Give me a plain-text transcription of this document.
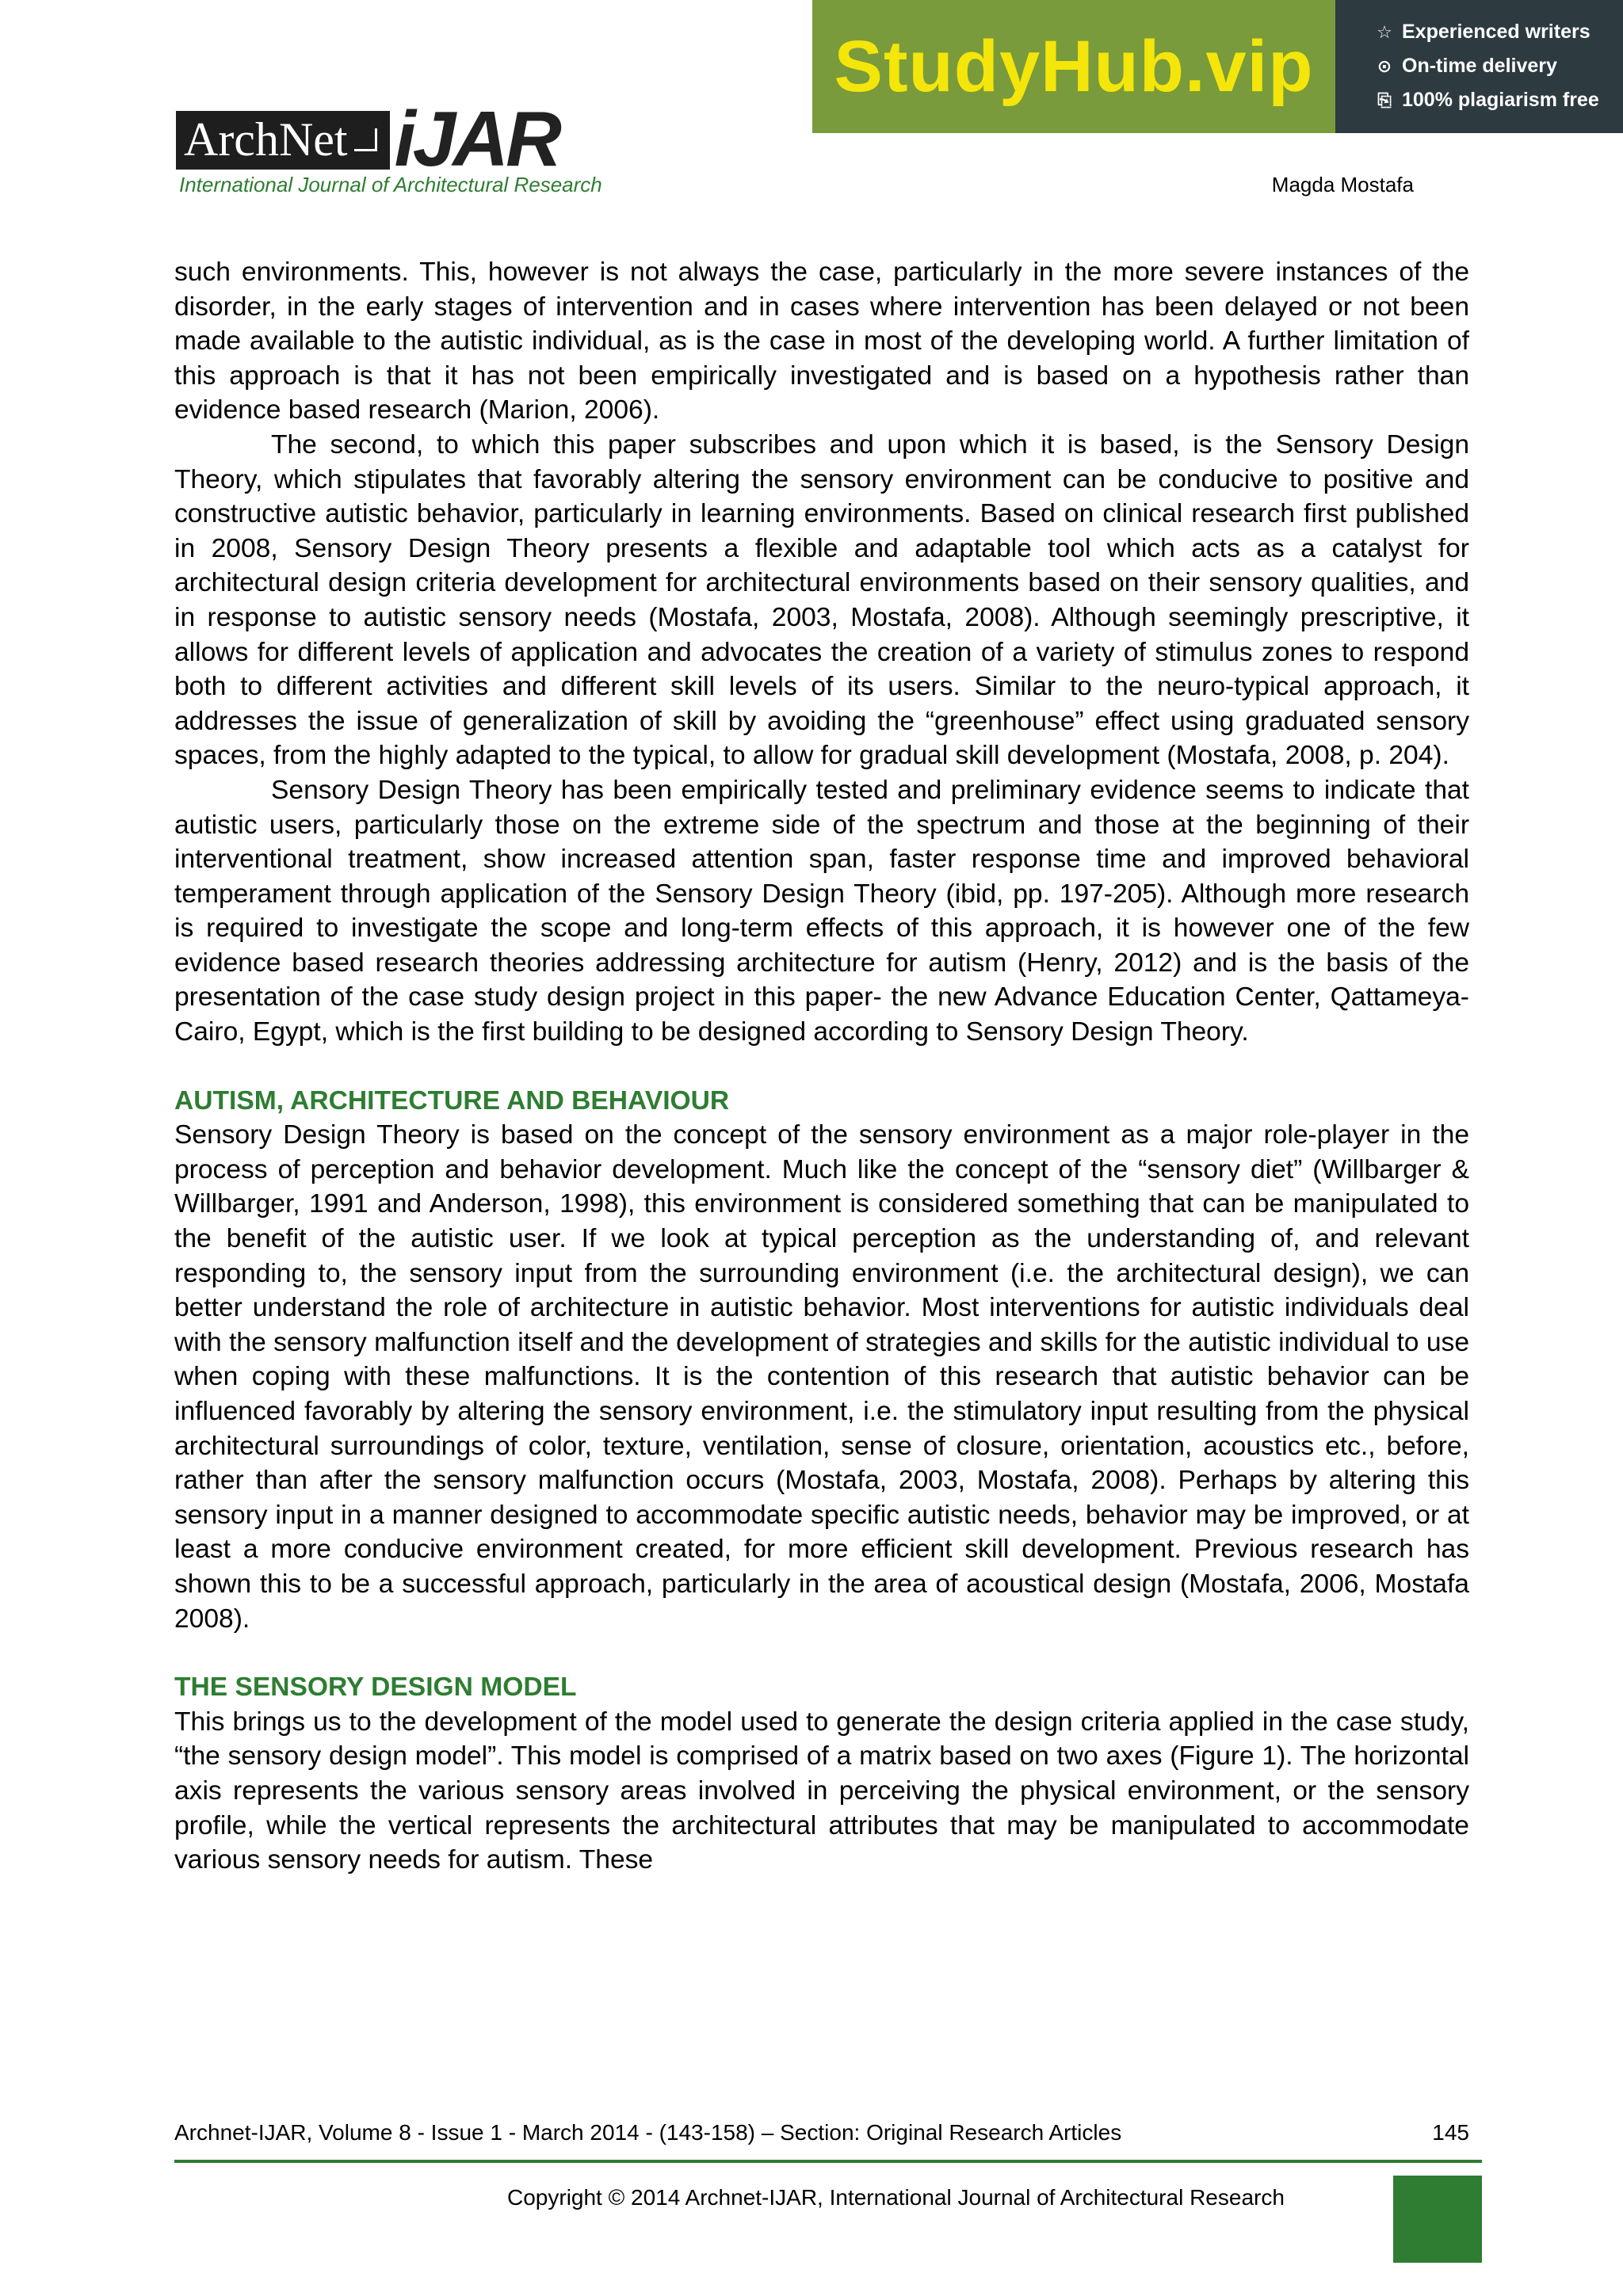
StudyHub.vip	☆ Experienced writers
⊙ On-time delivery
⎘ 100% plagiarism free
ArchNet iJAR
International Journal of Architectural Research	Magda Mostafa

such environments. This, however is not always the case, particularly in the more severe instances of the disorder, in the early stages of intervention and in cases where intervention has been delayed or not been made available to the autistic individual, as is the case in most of the developing world. A further limitation of this approach is that it has not been empirically investigated and is based on a hypothesis rather than evidence based research (Marion, 2006).

The second, to which this paper subscribes and upon which it is based, is the Sensory Design Theory, which stipulates that favorably altering the sensory environment can be conducive to positive and constructive autistic behavior, particularly in learning environments. Based on clinical research first published in 2008, Sensory Design Theory presents a flexible and adaptable tool which acts as a catalyst for architectural design criteria development for architectural environments based on their sensory qualities, and in response to autistic sensory needs (Mostafa, 2003, Mostafa, 2008). Although seemingly prescriptive, it allows for different levels of application and advocates the creation of a variety of stimulus zones to respond both to different activities and different skill levels of its users. Similar to the neuro-typical approach, it addresses the issue of generalization of skill by avoiding the “greenhouse” effect using graduated sensory spaces, from the highly adapted to the typical, to allow for gradual skill development (Mostafa, 2008, p. 204).

Sensory Design Theory has been empirically tested and preliminary evidence seems to indicate that autistic users, particularly those on the extreme side of the spectrum and those at the beginning of their interventional treatment, show increased attention span, faster response time and improved behavioral temperament through application of the Sensory Design Theory (ibid, pp. 197-205). Although more research is required to investigate the scope and long-term effects of this approach, it is however one of the few evidence based research theories addressing architecture for autism (Henry, 2012) and is the basis of the presentation of the case study design project in this paper- the new Advance Education Center, Qattameya-Cairo, Egypt, which is the first building to be designed according to Sensory Design Theory.

AUTISM, ARCHITECTURE AND BEHAVIOUR

Sensory Design Theory is based on the concept of the sensory environment as a major role-player in the process of perception and behavior development. Much like the concept of the “sensory diet” (Willbarger & Willbarger, 1991 and Anderson, 1998), this environment is considered something that can be manipulated to the benefit of the autistic user. If we look at typical perception as the understanding of, and relevant responding to, the sensory input from the surrounding environment (i.e. the architectural design), we can better understand the role of architecture in autistic behavior. Most interventions for autistic individuals deal with the sensory malfunction itself and the development of strategies and skills for the autistic individual to use when coping with these malfunctions. It is the contention of this research that autistic behavior can be influenced favorably by altering the sensory environment, i.e. the stimulatory input resulting from the physical architectural surroundings of color, texture, ventilation, sense of closure, orientation, acoustics etc., before, rather than after the sensory malfunction occurs (Mostafa, 2003, Mostafa, 2008). Perhaps by altering this sensory input in a manner designed to accommodate specific autistic needs, behavior may be improved, or at least a more conducive environment created, for more efficient skill development. Previous research has shown this to be a successful approach, particularly in the area of acoustical design (Mostafa, 2006, Mostafa 2008).

THE SENSORY DESIGN MODEL

This brings us to the development of the model used to generate the design criteria applied in the case study, “the sensory design model”. This model is comprised of a matrix based on two axes (Figure 1). The horizontal axis represents the various sensory areas involved in perceiving the physical environment, or the sensory profile, while the vertical represents the architectural attributes that may be manipulated to accommodate various sensory needs for autism. These

Archnet-IJAR, Volume 8 - Issue 1 - March 2014 - (143-158) – Section: Original Research Articles	145
Copyright © 2014 Archnet-IJAR, International Journal of Architectural Research
